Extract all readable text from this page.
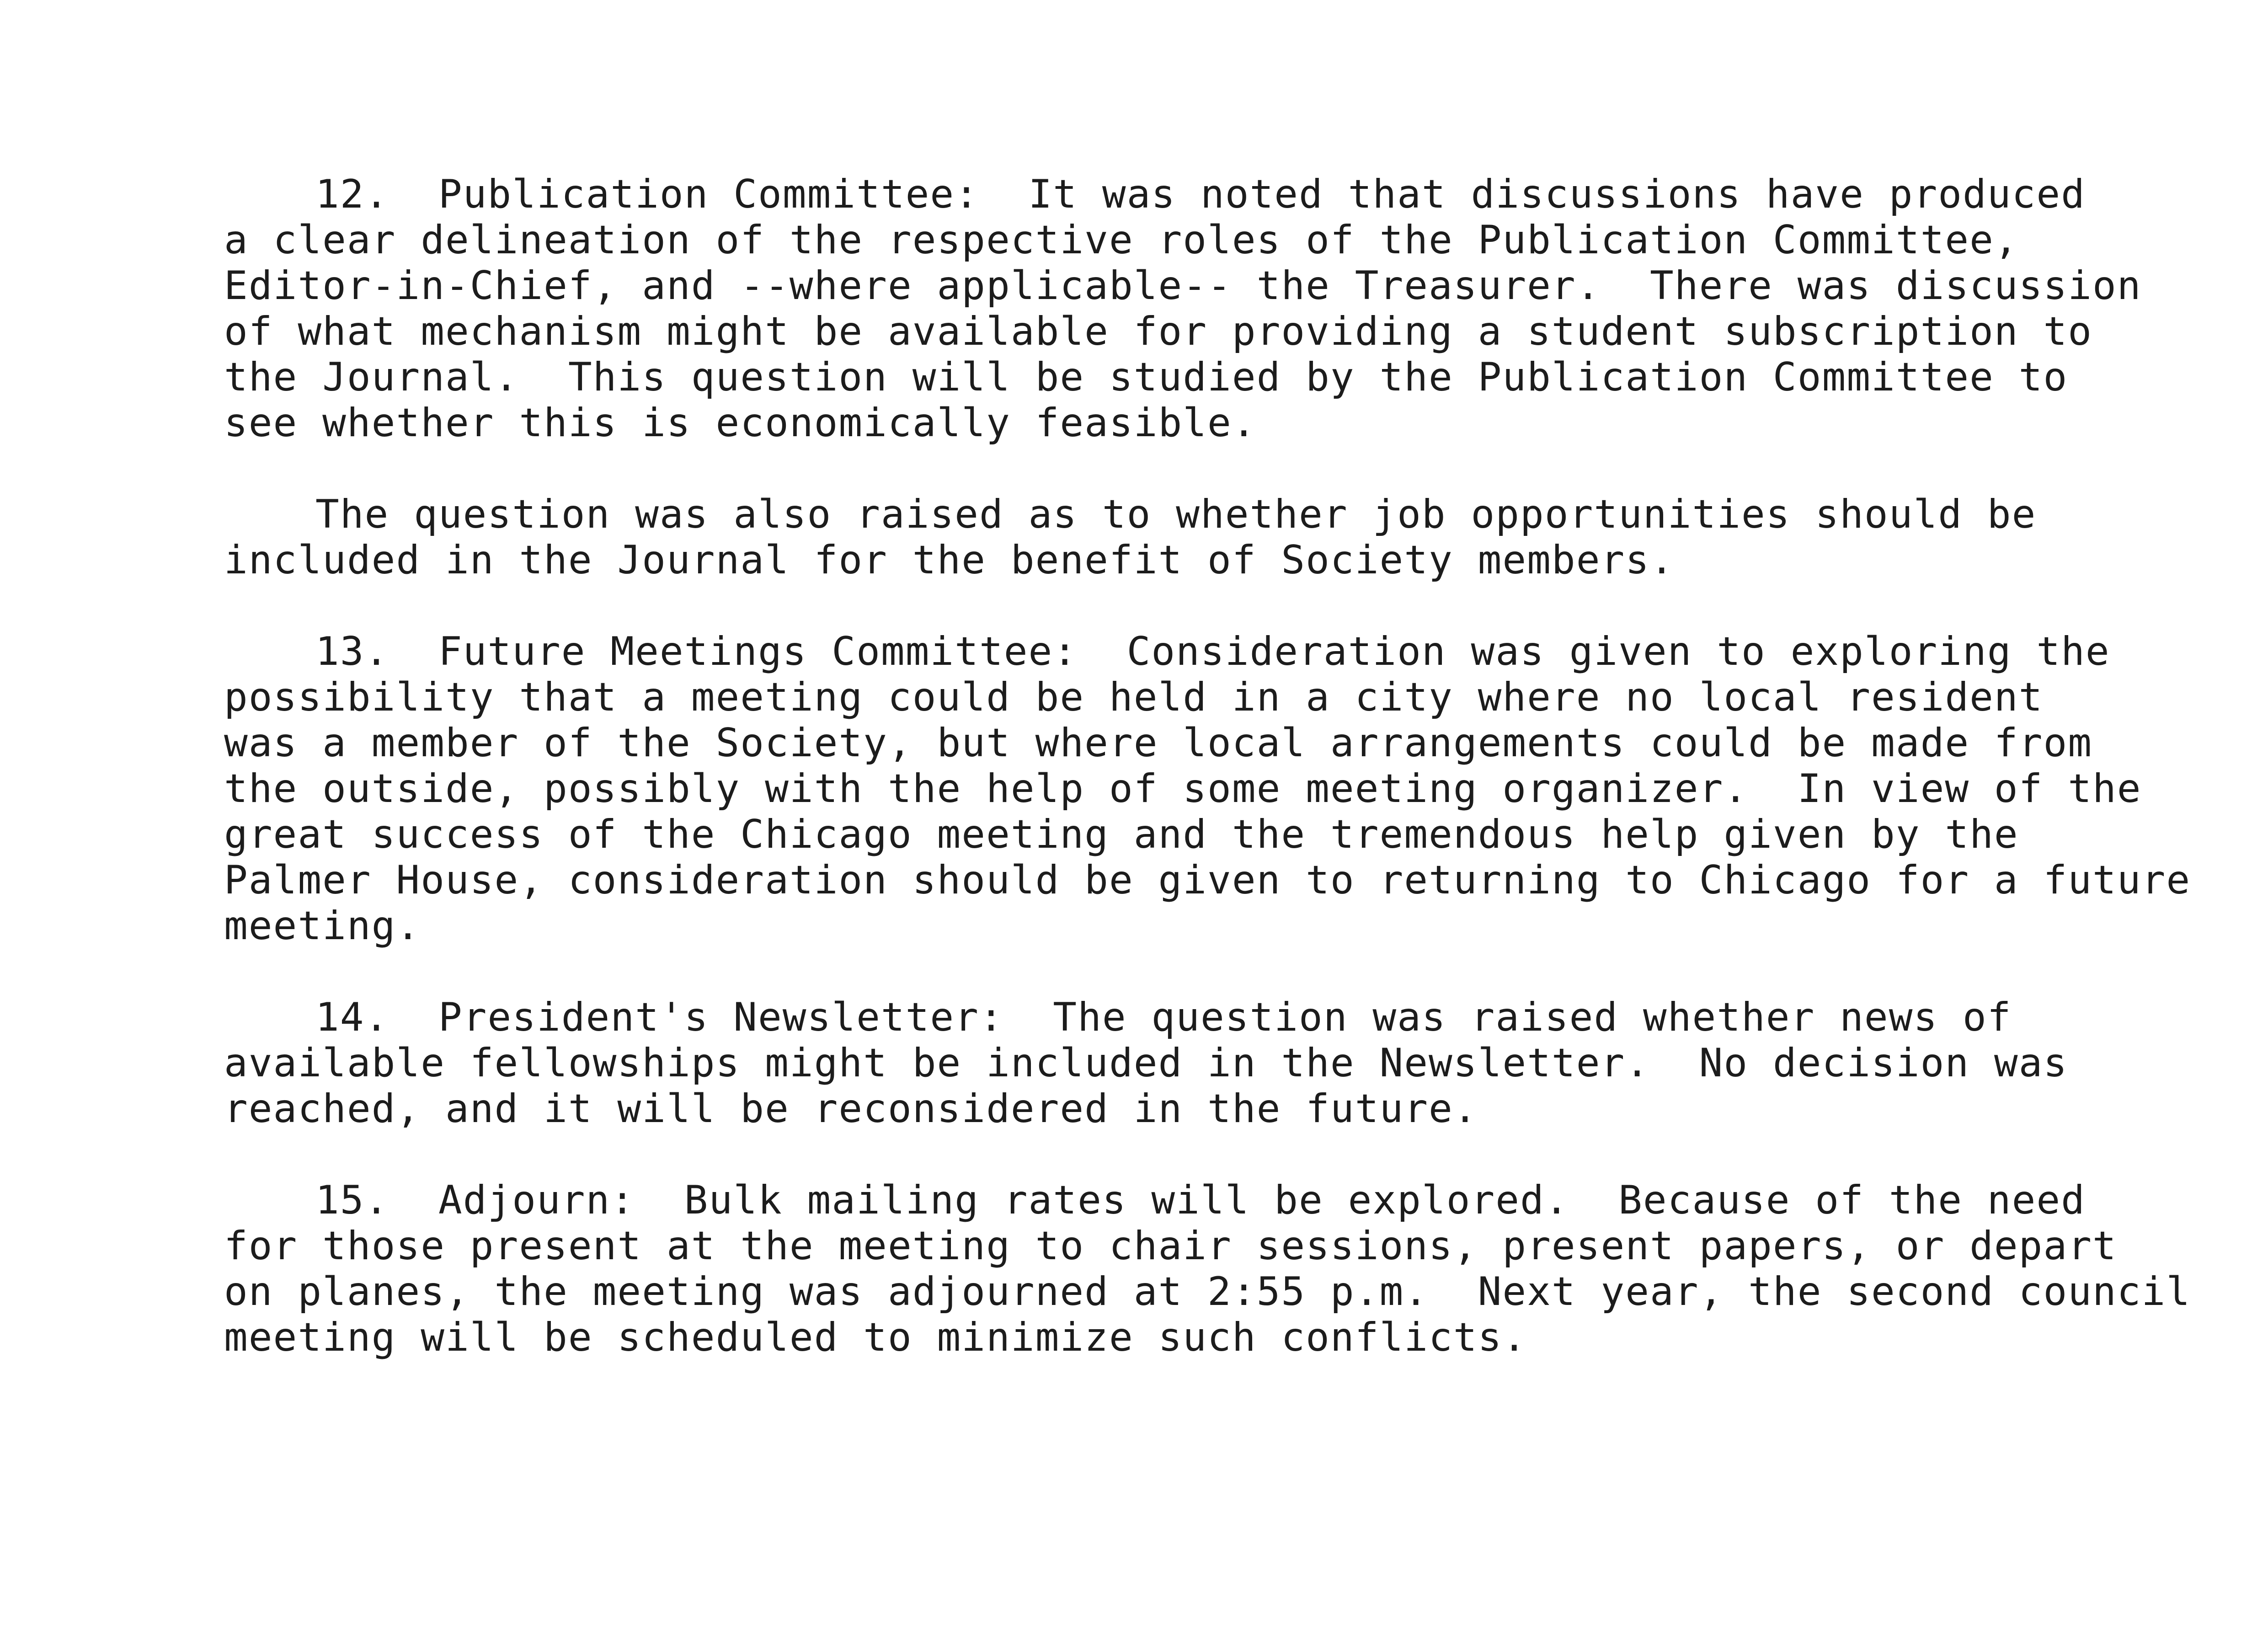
12.  Publication Committee:  It was noted that discussions have produced
a clear delineation of the respective roles of the Publication Committee,
Editor-in-Chief, and --where applicable-- the Treasurer.  There was discussion
of what mechanism might be available for providing a student subscription to
the Journal.  This question will be studied by the Publication Committee to
see whether this is economically feasible.

The question was also raised as to whether job opportunities should be
included in the Journal for the benefit of Society members.

13.  Future Meetings Committee:  Consideration was given to exploring the
possibility that a meeting could be held in a city where no local resident
was a member of the Society, but where local arrangements could be made from
the outside, possibly with the help of some meeting organizer.  In view of the
great success of the Chicago meeting and the tremendous help given by the
Palmer House, consideration should be given to returning to Chicago for a future
meeting.

14.  President's Newsletter:  The question was raised whether news of
available fellowships might be included in the Newsletter.  No decision was
reached, and it will be reconsidered in the future.

15.  Adjourn:  Bulk mailing rates will be explored.  Because of the need
for those present at the meeting to chair sessions, present papers, or depart
on planes, the meeting was adjourned at 2:55 p.m.  Next year, the second council
meeting will be scheduled to minimize such conflicts.
